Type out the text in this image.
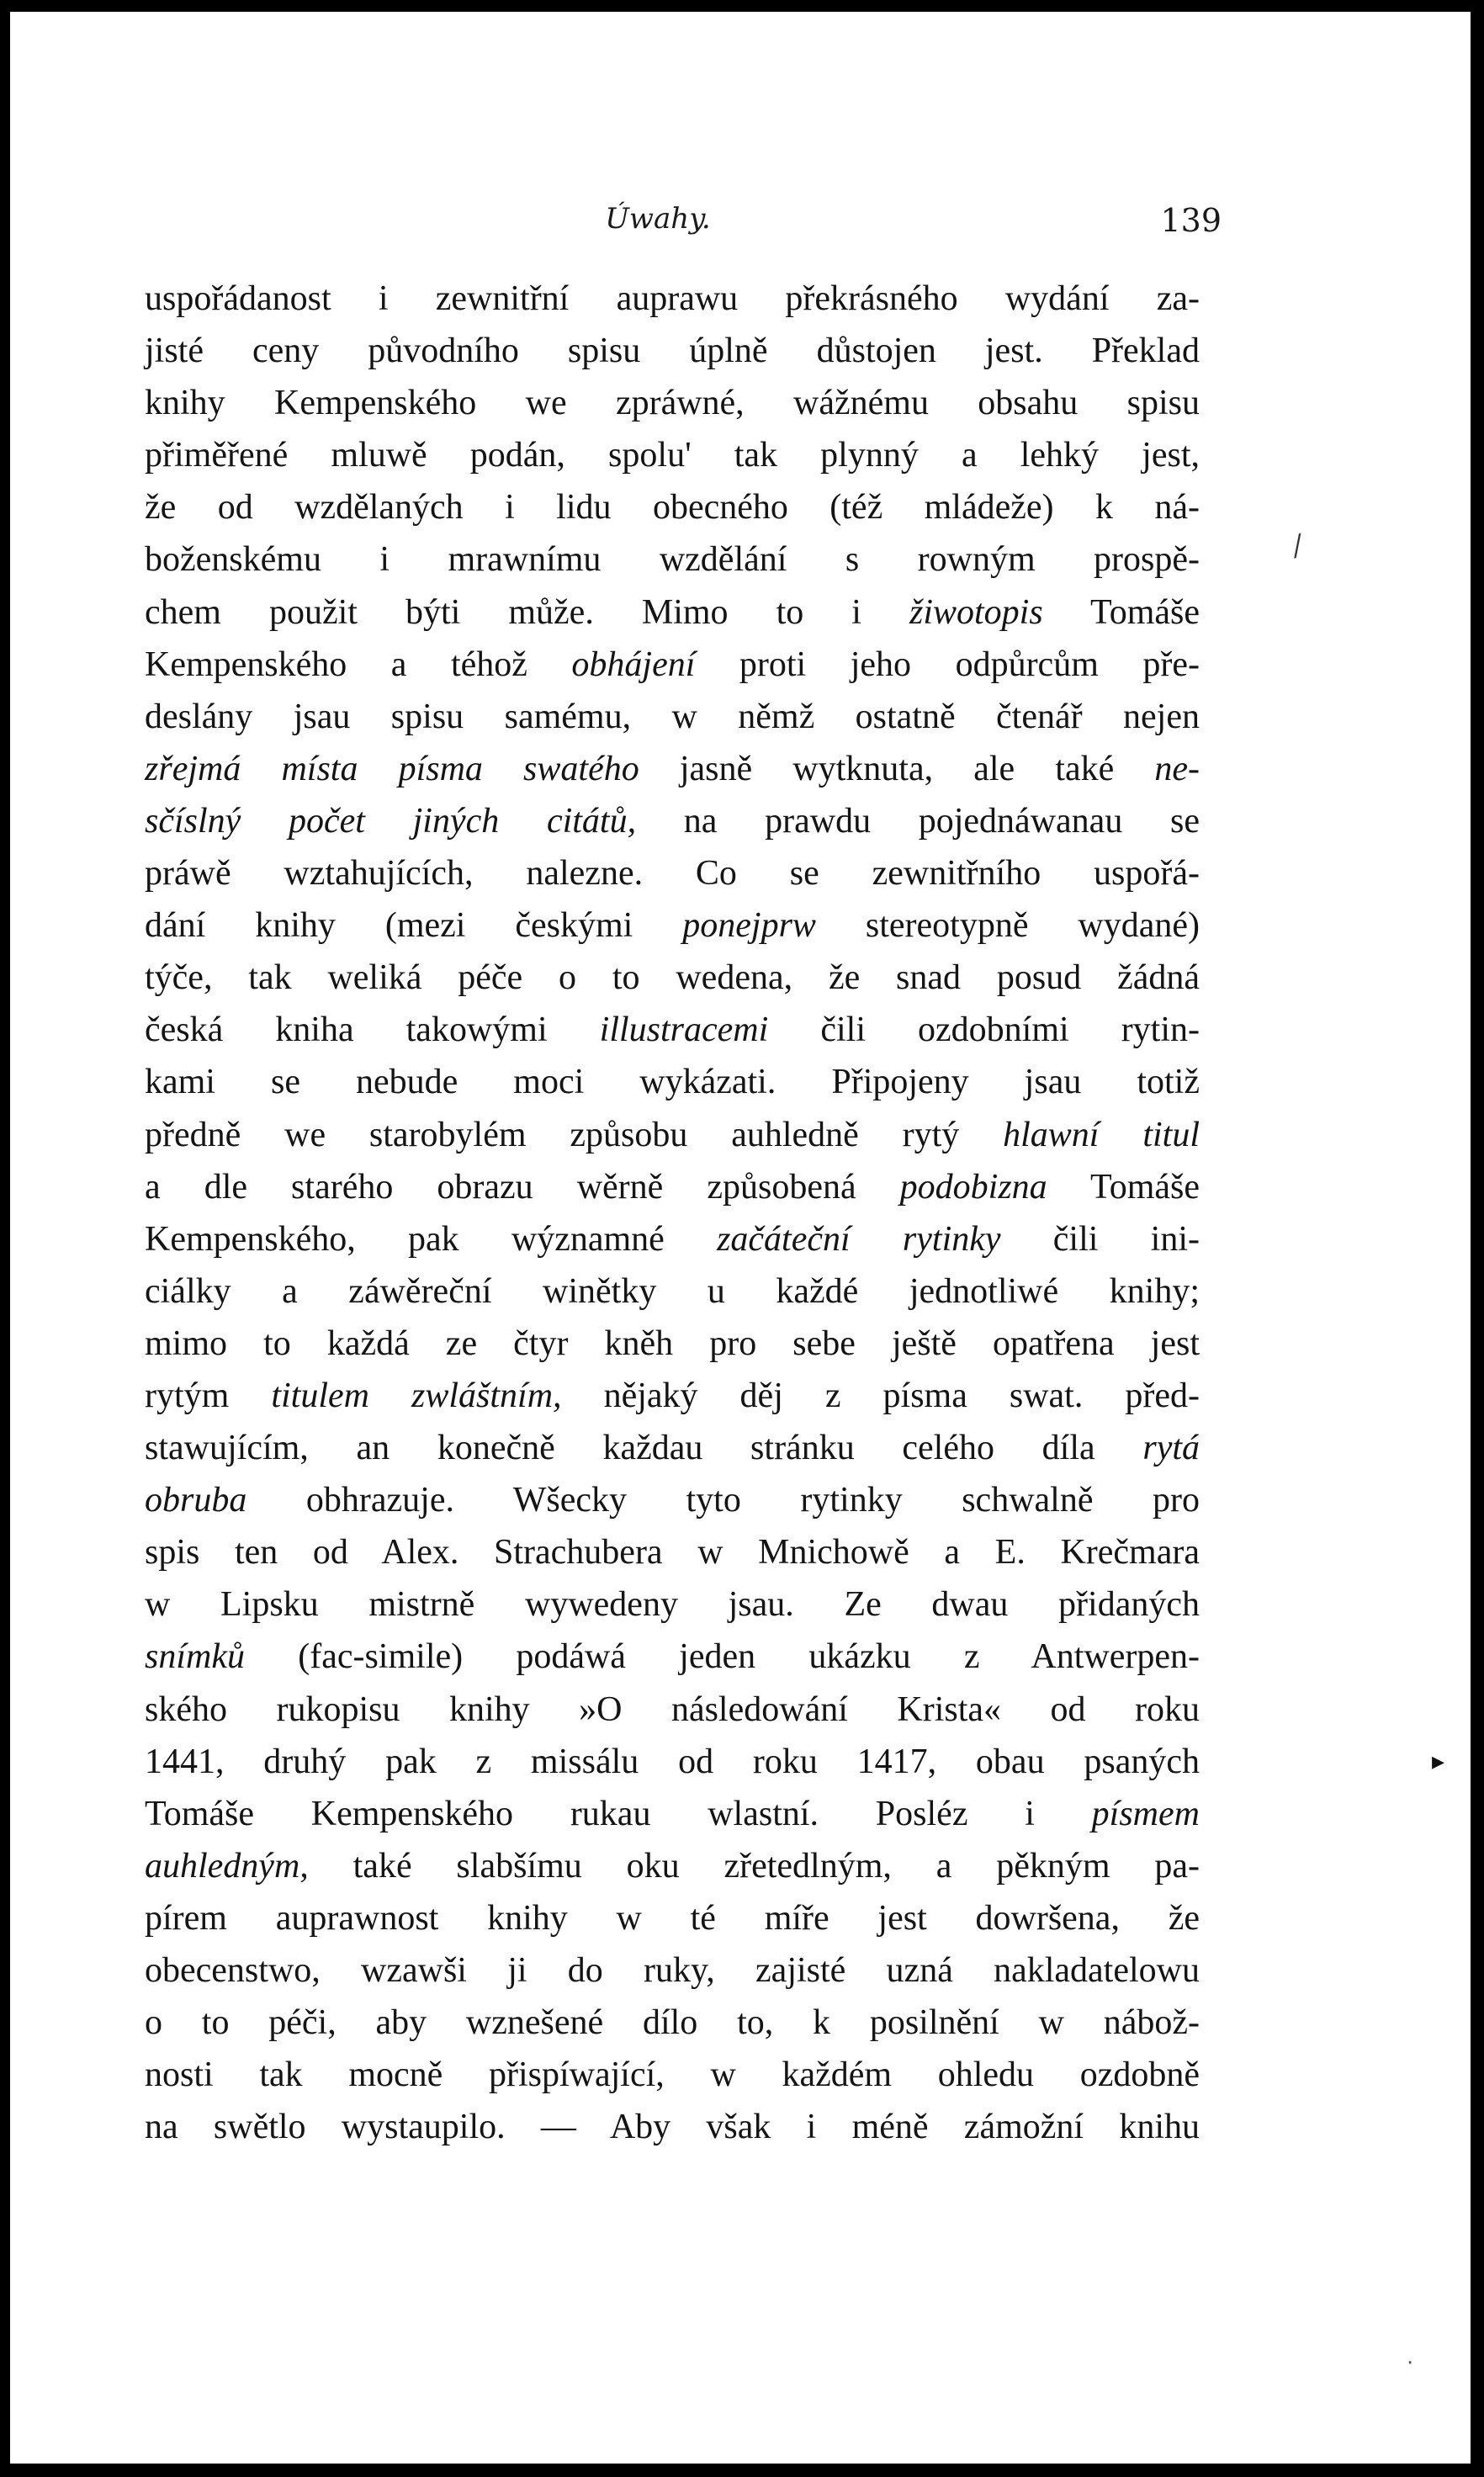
Úwahy.	139
uspořádanost i zewnitřní auprawu překrásného wydání za-
jisté ceny původního spisu úplně důstojen jest. Překlad
knihy Kempenského we zpráwné, wážnému obsahu spisu
přiměřené mluwě podán, spolu' tak plynný a lehký jest,
že od wzdělaných i lidu obecného (též mládeže) k ná-
boženskému i mrawnímu wzdělání s rowným prospě-
chem použit býti může. Mimo to i žiwotopis Tomáše
Kempenského a téhož obhájení proti jeho odpůrcům pře-
deslány jsau spisu samému, w němž ostatně čtenář nejen
zřejmá místa písma swatého jasně wytknuta, ale také ne-
sčíslný počet jiných citátů, na prawdu pojednáwanau se
práwě wztahujících, nalezne. Co se zewnitřního uspořá-
dání knihy (mezi českými ponejprw stereotypně wydané)
týče, tak weliká péče o to wedena, že snad posud žádná
česká kniha takowými illustracemi čili ozdobními rytin-
kami se nebude moci wykázati. Připojeny jsau totiž
předně we starobylém způsobu auhledně rytý hlawní titul
a dle starého obrazu wěrně způsobená podobizna Tomáše
Kempenského, pak wýznamné začáteční rytinky čili ini-
ciálky a záwěreční winětky u každé jednotliwé knihy;
mimo to každá ze čtyr kněh pro sebe ještě opatřena jest
rytým titulem zwláštním, nějaký děj z písma swat. před-
stawujícím, an konečně každau stránku celého díla rytá
obruba obhrazuje. Wšecky tyto rytinky schwalně pro
spis ten od Alex. Strachubera w Mnichowě a E. Krečmara
w Lipsku mistrně wywedeny jsau. Ze dwau přidaných
snímků (fac-simile) podáwá jeden ukázku z Antwerpen-
ského rukopisu knihy »O následowání Krista« od roku
1441, druhý pak z missálu od roku 1417, obau psaných
Tomáše Kempenského rukau wlastní. Posléz i písmem
auhledným, také slabšímu oku zřetedlným, a pěkným pa-
pírem auprawnost knihy w té míře jest dowršena, že
obecenstwo, wzawši ji do ruky, zajisté uzná nakladatelowu
o to péči, aby wznešené dílo to, k posilnění w nábož-
nosti tak mocně přispíwající, w každém ohledu ozdobně
na swětlo wystaupilo. — Aby však i méně zámožní knihu
⁄
▸
·
